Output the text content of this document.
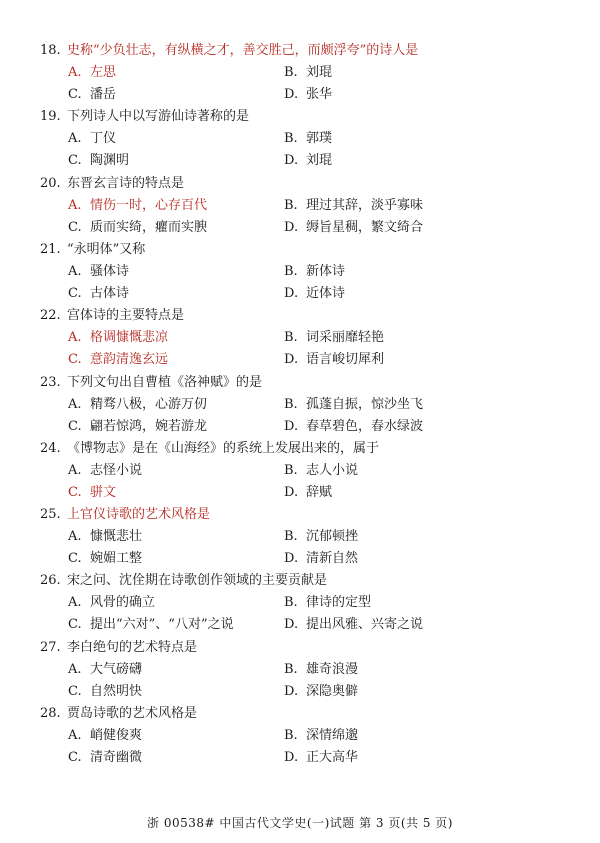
18. 史称“少负壮志，有纵横之才，善交胜己，而颇浮夸”的诗人是
A. 左思	B. 刘琨
C. 潘岳	D. 张华
19. 下列诗人中以写游仙诗著称的是
A. 丁仪	B. 郭璞
C. 陶渊明	D. 刘琨
20. 东晋玄言诗的特点是
A. 情伤一时，心存百代	B. 理过其辞，淡乎寡味
C. 质而实绮，癯而实腴	D. 缛旨星稠，繁文绮合
21. “永明体”又称
A. 骚体诗	B. 新体诗
C. 古体诗	D. 近体诗
22. 宫体诗的主要特点是
A. 格调慷慨悲凉	B. 词采丽靡轻艳
C. 意韵清逸玄远	D. 语言峻切犀利
23. 下列文句出自曹植《洛神赋》的是
A. 精骛八极，心游万仞	B. 孤蓬自振，惊沙坐飞
C. 翩若惊鸿，婉若游龙	D. 春草碧色，春水绿波
24. 《博物志》是在《山海经》的系统上发展出来的，属于
A. 志怪小说	B. 志人小说
C. 骈文	D. 辞赋
25. 上官仪诗歌的艺术风格是
A. 慷慨悲壮	B. 沉郁顿挫
C. 婉媚工整	D. 清新自然
26. 宋之问、沈佺期在诗歌创作领域的主要贡献是
A. 风骨的确立	B. 律诗的定型
C. 提出“六对”、“八对”之说	D. 提出风雅、兴寄之说
27. 李白绝句的艺术特点是
A. 大气磅礴	B. 雄奇浪漫
C. 自然明快	D. 深隐奥僻
28. 贾岛诗歌的艺术风格是
A. 峭健俊爽	B. 深情绵邈
C. 清奇幽微	D. 正大高华
浙 00538# 中国古代文学史(一)试题 第 3 页(共 5 页)
